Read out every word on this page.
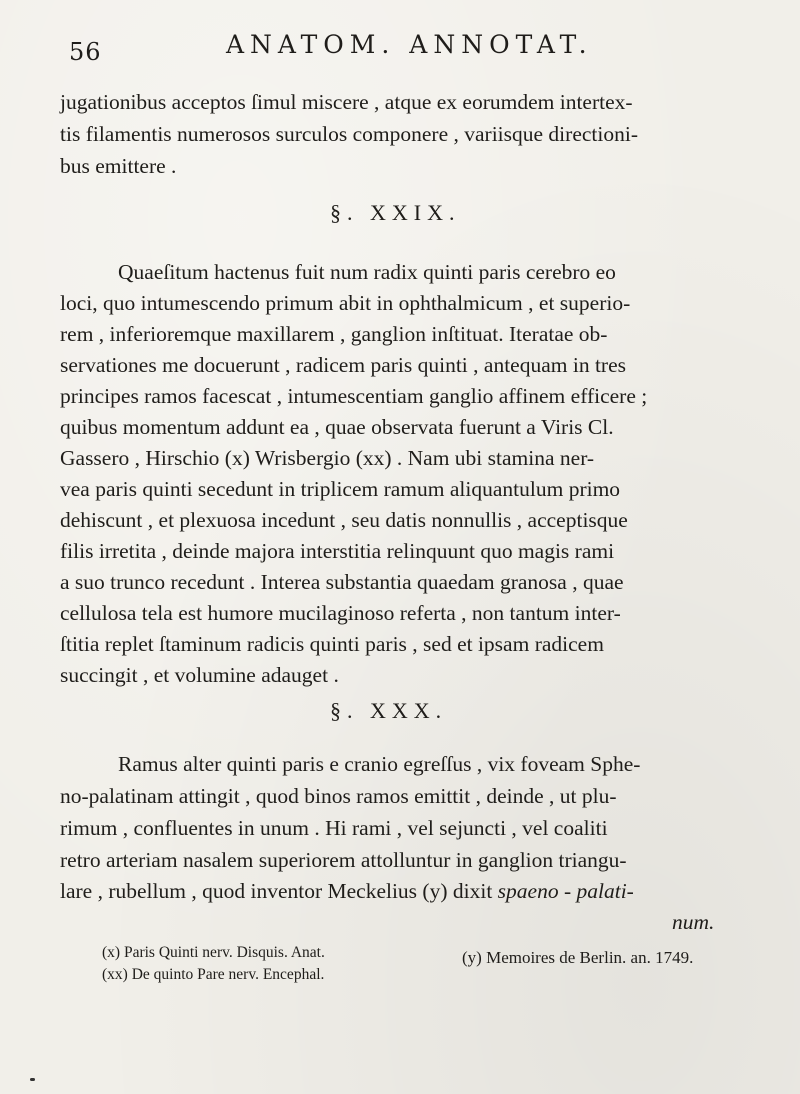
56	ANATOM. ANNOTAT.
jugationibus acceptos ſimul miscere , atque ex eorumdem intertex-
tis filamentis numerosos surculos componere , variisque directioni-
bus emittere .
§. XXIX.
Quaeſitum hactenus fuit num radix quinti paris cerebro eo
loci, quo intumescendo primum abit in ophthalmicum , et superio-
rem , inferioremque maxillarem , ganglion inſtituat. Iteratae ob-
servationes me docuerunt , radicem paris quinti , antequam in tres
principes ramos facescat , intumescentiam ganglio affinem efficere ;
quibus momentum addunt ea , quae observata fuerunt a Viris Cl.
Gassero , Hirschio (x) Wrisbergio (xx) . Nam ubi stamina ner-
vea paris quinti secedunt in triplicem ramum aliquantulum primo
dehiscunt , et plexuosa incedunt , seu datis nonnullis , acceptisque
filis irretita , deinde majora interstitia relinquunt quo magis rami
a suo trunco recedunt . Interea substantia quaedam granosa , quae
cellulosa tela est humore mucilaginoso referta , non tantum inter-
ſtitia replet ſtaminum radicis quinti paris , sed et ipsam radicem
succingit , et volumine adauget .
§. XXX.
Ramus alter quinti paris e cranio egreſſus , vix foveam Sphe-
no-palatinam attingit , quod binos ramos emittit , deinde , ut plu-
rimum , confluentes in unum . Hi rami , vel sejuncti , vel coaliti
retro arteriam nasalem superiorem attolluntur in ganglion triangu-
lare , rubellum , quod inventor Meckelius (y) dixit spaeno - palati-
num.
(x) Paris Quinti nerv. Disquis. Anat.
(xx) De quinto Pare nerv. Encephal.
(y) Memoires de Berlin. an. 1749.
